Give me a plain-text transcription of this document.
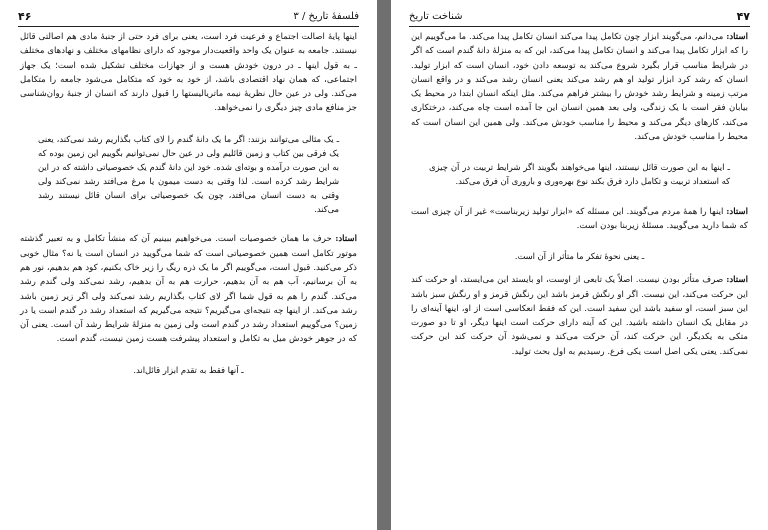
فلسفهٔ تاریخ / ۳
۴۶

اینها پایهٔ اصالت اجتماع و فرعیت فرد است، یعنی برای فرد حتی از جنبهٔ مادی هم اصالتی قائل نیستند. جامعه به عنوان یک واحد واقعیت‌دار موجود که دارای نظامهای مختلف و نهادهای مختلف ـ به قول اینها ـ در درون خودش هست و از جهازات مختلف تشکیل شده است؛ یک جهاز اجتماعی، که همان نهاد اقتصادی باشد، از خود به خود که متکامل می‌شود جامعه را متکامل می‌کند. ولی در عین حال نظریهٔ نیمه ماتریالیستها را قبول دارند که انسان از جنبهٔ روان‌شناسی جز منافع مادی چیز دیگری را نمی‌خواهد.

ـ یک مثالی می‌توانند بزنند: اگر ما یک دانهٔ گندم را لای کتاب بگذاریم رشد نمی‌کند، یعنی یک فرقی بین کتاب و زمین قائلیم ولی در عین حال نمی‌توانیم بگوییم این زمین بوده که به این صورت درآمده و بوته‌ای شده. خود این دانهٔ گندم یک خصوصیاتی داشته که در این شرایط رشد کرده است. لذا وقتی به دست میمون یا مرغ می‌افتد رشد نمی‌کند ولی وقتی به دست انسان می‌افتد، چون یک خصوصیاتی برای انسان قائل نیستند رشد می‌کند.

استاد: حرف ما همان خصوصیات است. می‌خواهیم ببینیم آن که منشأ تکامل و به تعبیر گذشته موتور تکامل است همین خصوصیاتی است که شما می‌گویید در انسان است یا نه؟ مثال خوبی ذکر می‌کنید. قبول است، می‌گوییم اگر ما یک ذره ریگ را زیر خاک بکنیم، کود هم بدهیم، نور هم به آن برسانیم، آب هم به آن بدهیم، حرارت هم به آن بدهیم، رشد نمی‌کند ولی گندم رشد می‌کند. گندم را هم به قول شما اگر لای کتاب بگذاریم رشد نمی‌کند ولی اگر زیر زمین باشد رشد می‌کند. از اینها چه نتیجه‌ای می‌گیریم؟ نتیجه می‌گیریم که استعداد رشد در گندم است یا در زمین؟ می‌گوییم استعداد رشد در گندم است ولی زمین به منزلهٔ شرایط رشد آن است. یعنی آن که در جوهر خودش میل به تکامل و استعداد پیشرفت هست زمین نیست، گندم است.

ـ آنها فقط به تقدم ابزار قائل‌اند.

۴۷
شناخت تاریخ

استاد: می‌دانم، می‌گویند ابزار چون تکامل پیدا می‌کند انسان تکامل پیدا می‌کند. ما می‌گوییم این را که ابزار تکامل پیدا می‌کند و انسان تکامل پیدا می‌کند، این که به منزلهٔ دانهٔ گندم است که اگر در شرایط مناسب قرار بگیرد شروع می‌کند به توسعه دادن خود، انسان است که ابزار تولید. انسان که رشد کرد ابزار تولید او هم رشد می‌کند یعنی انسان رشد می‌کند و در واقع انسان مرتب زمینه و شرایط رشد خودش را بیشتر فراهم می‌کند. مثل اینکه انسان ابتدا در محیط یک بیابان فقر است با یک زندگی، ولی بعد همین انسان این جا آمده است چاه می‌کند، درختکاری می‌کند، کارهای دیگر می‌کند و محیط را مناسب خودش می‌کند. ولی همین این انسان است که محیط را مناسب خودش می‌کند.

ـ اینها به این صورت قائل نیستند، اینها می‌خواهند بگویند اگر شرایط تربیت در آن چیزی که استعداد تربیت و تکامل دارد فرق بکند نوع بهره‌وری و باروری آن فرق می‌کند.

استاد: اینها را همهٔ مردم می‌گویند. این مسئله که «ابزار تولید زیربناست» غیر از آن چیزی است که شما دارید می‌گویید. مسئلهٔ زیربنا بودن است.

ـ یعنی نحوهٔ تفکر ما متأثر از آن است.

استاد: صرف متأثر بودن نیست. اصلاً یک تابعی از اوست، او بایستد این می‌ایستد، او حرکت کند این حرکت می‌کند، این نیست. اگر او رنگش قرمز باشد این رنگش قرمز و او رنگش سبز باشد این سبز است، او سفید باشد این سفید است. این که فقط انعکاسی است از او، اینها آینه‌ای را در مقابل یک انسان داشته باشید. این که آینه دارای حرکت است اینها دیگر، او تا دو صورت متکی به یکدیگر، این حرکت کند، آن حرکت می‌کند و نمی‌شود آن حرکت کند این حرکت نمی‌کند. یعنی یکی اصل است یکی فرع. رسیدیم به اول بحث تولید.
